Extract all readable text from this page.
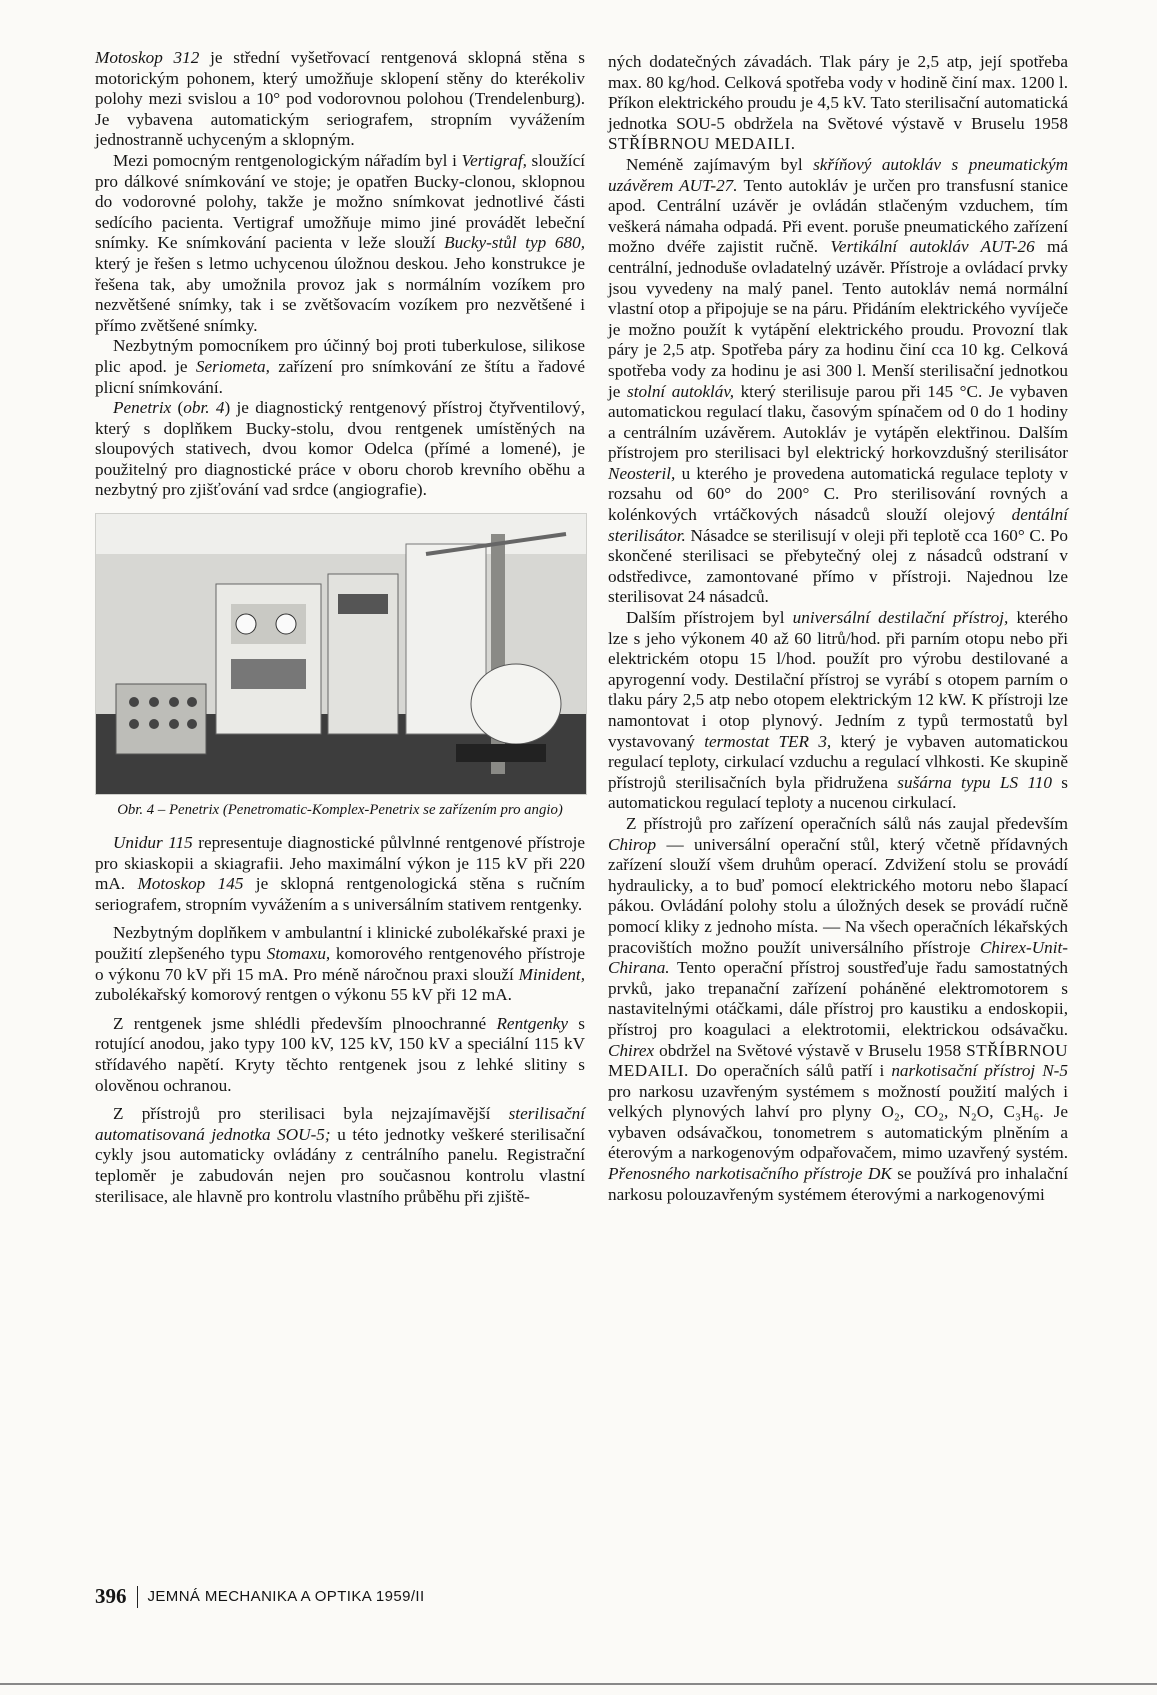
Motoskop 312 je střední vyšetřovací rentgenová sklopná stěna s motorickým pohonem, který umožňuje sklopení stěny do kterékoliv polohy mezi svislou a 10° pod vodorovnou polohou (Trendelenburg). Je vybavena automatickým seriografem, stropním vyvážením jednostranně uchyceným a sklopným.

Mezi pomocným rentgenologickým nářadím byl i Vertigraf, sloužící pro dálkové snímkování ve stoje; je opatřen Bucky-clonou, sklopnou do vodorovné polohy, takže je možno snímkovat jednotlivé části sedícího pacienta. Vertigraf umožňuje mimo jiné provádět lebeční snímky. Ke snímkování pacienta v leže slouží Bucky-stůl typ 680, který je řešen s letmo uchycenou úložnou deskou. Jeho konstrukce je řešena tak, aby umožnila provoz jak s normálním vozíkem pro nezvětšené snímky, tak i se zvětšovacím vozíkem pro nezvětšené i přímo zvětšené snímky.

Nezbytným pomocníkem pro účinný boj proti tuberkulose, silikose plic apod. je Seriometa, zařízení pro snímkování ze štítu a řadové plicní snímkování.

Penetrix (obr. 4) je diagnostický rentgenový přístroj čtyřventilový, který s doplňkem Bucky-stolu, dvou rentgenek umístěných na sloupových stativech, dvou komor Odelca (přímé a lomené), je použitelný pro diagnostické práce v oboru chorob krevního oběhu a nezbytný pro zjišťování vad srdce (angiografie).

Obr. 4 – Penetrix (Penetromatic-Komplex-Penetrix se zařízením pro angio)

Unidur 115 representuje diagnostické půlvlnné rentgenové přístroje pro skiaskopii a skiagrafii. Jeho maximální výkon je 115 kV při 220 mA. Motoskop 145 je sklopná rentgenologická stěna s ručním seriografem, stropním vyvážením a s universálním stativem rentgenky.

Nezbytným doplňkem v ambulantní i klinické zubolékařské praxi je použití zlepšeného typu Stomaxu, komorového rentgenového přístroje o výkonu 70 kV při 15 mA. Pro méně náročnou praxi slouží Minident, zubolékařský komorový rentgen o výkonu 55 kV při 12 mA.

Z rentgenek jsme shlédli především plnoochranné Rentgenky s rotující anodou, jako typy 100 kV, 125 kV, 150 kV a speciální 115 kV střídavého napětí. Kryty těchto rentgenek jsou z lehké slitiny s olověnou ochranou.

Z přístrojů pro sterilisaci byla nejzajímavější sterilisační automatisovaná jednotka SOU-5; u této jednotky veškeré sterilisační cykly jsou automaticky ovládány z centrálního panelu. Registrační teploměr je zabudován nejen pro současnou kontrolu vlastní sterilisace, ale hlavně pro kontrolu vlastního průběhu při zjiště-

ných dodatečných závadách. Tlak páry je 2,5 atp, její spotřeba max. 80 kg/hod. Celková spotřeba vody v hodině činí max. 1200 l. Příkon elektrického proudu je 4,5 kV. Tato sterilisační automatická jednotka SOU-5 obdržela na Světové výstavě v Bruselu 1958 STŘÍBRNOU MEDAILI.

Neméně zajímavým byl skříňový autokláv s pneumatickým uzávěrem AUT-27. Tento autokláv je určen pro transfusní stanice apod. Centrální uzávěr je ovládán stlačeným vzduchem, tím veškerá námaha odpadá. Při event. poruše pneumatického zařízení možno dvéře zajistit ručně. Vertikální autokláv AUT-26 má centrální, jednoduše ovladatelný uzávěr. Přístroje a ovládací prvky jsou vyvedeny na malý panel. Tento autokláv nemá normální vlastní otop a připojuje se na páru. Přidáním elektrického vyvíječe je možno použít k vytápění elektrického proudu. Provozní tlak páry je 2,5 atp. Spotřeba páry za hodinu činí cca 10 kg. Celková spotřeba vody za hodinu je asi 300 l. Menší sterilisační jednotkou je stolní autokláv, který sterilisuje parou při 145 °C. Je vybaven automatickou regulací tlaku, časovým spínačem od 0 do 1 hodiny a centrálním uzávěrem. Autokláv je vytápěn elektřinou. Dalším přístrojem pro sterilisaci byl elektrický horkovzdušný sterilisátor Neosteril, u kterého je provedena automatická regulace teploty v rozsahu od 60° do 200° C. Pro sterilisování rovných a kolénkových vrtáčkových násadců slouží olejový dentální sterilisátor. Násadce se sterilisují v oleji při teplotě cca 160° C. Po skončené sterilisaci se přebytečný olej z násadců odstraní v odstředivce, zamontované přímo v přístroji. Najednou lze sterilisovat 24 násadců.

Dalším přístrojem byl universální destilační přístroj, kterého lze s jeho výkonem 40 až 60 litrů/hod. při parním otopu nebo při elektrickém otopu 15 l/hod. použít pro výrobu destilované a apyrogenní vody. Destilační přístroj se vyrábí s otopem parním o tlaku páry 2,5 atp nebo otopem elektrickým 12 kW. K přístroji lze namontovat i otop plynový. Jedním z typů termostatů byl vystavovaný termostat TER 3, který je vybaven automatickou regulací teploty, cirkulací vzduchu a regulací vlhkosti. Ke skupině přístrojů sterilisačních byla přidružena sušárna typu LS 110 s automatickou regulací teploty a nucenou cirkulací.

Z přístrojů pro zařízení operačních sálů nás zaujal především Chirop — universální operační stůl, který včetně přídavných zařízení slouží všem druhům operací. Zdvižení stolu se provádí hydraulicky, a to buď pomocí elektrického motoru nebo šlapací pákou. Ovládání polohy stolu a úložných desek se provádí ručně pomocí kliky z jednoho místa. — Na všech operačních lékařských pracovištích možno použít universálního přístroje Chirex-Unit-Chirana. Tento operační přístroj soustřeďuje řadu samostatných prvků, jako trepanační zařízení poháněné elektromotorem s nastavitelnými otáčkami, dále přístroj pro kaustiku a endoskopii, přístroj pro koagulaci a elektrotomii, elektrickou odsávačku. Chirex obdržel na Světové výstavě v Bruselu 1958 STŘÍBRNOU MEDAILI. Do operačních sálů patří i narkotisační přístroj N-5 pro narkosu uzavřeným systémem s možností použití malých i velkých plynových lahví pro plyny O₂, CO₂, N₂O, C₃H₆. Je vybaven odsávačkou, tonometrem s automatickým plněním a éterovým a narkogenovým odpařovačem, mimo uzavřený systém. Přenosného narkotisačního přístroje DK se používá pro inhalační narkosu polouzavřeným systémem éterovými a narkogenovými

396 JEMNÁ MECHANIKA A OPTIKA 1959/II
